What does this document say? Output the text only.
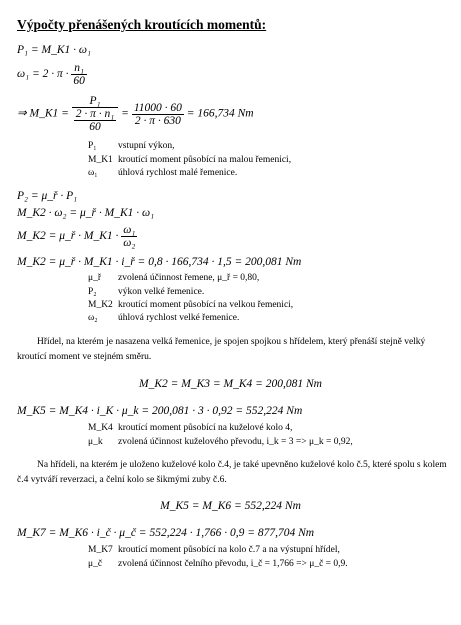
Výpočty přenášených kroutících momentů:
P₁ = M_K1 · ω₁
$\omega_1 = 2 \cdot \pi \cdot \frac{\text{n₁}}{60}$
⇒ M_K1 = P₁
2 · π · n₁
$60 = \frac{11000 \cdot 60}{2 \cdot \pi \cdot 630} = 166,734$ Nm
P₁	vstupní výkon,
M_K1 kroutící moment působící na malou řemenici,
ω₁	úhlová rychlost malé řemenice.
P₂ = μ_ř · P₁
M_K2 · ω₂ = μ_ř · M_K1 · ω₁
M_K2 = μ_ř · M_K1 · $\frac{\text{ω₁}}{\text{ω₂}}$
M_K2 = μ_ř · M_K1 · i_ř = 0,8 · 166,734 · 1,5 = 200,081 Nm
μ_ř	zvolená účinnost řemene, μ_ř = 0,80,
P₂	výkon velké řemenice.
M_K2 kroutící moment působící na velkou řemenici,
ω₂	úhlová rychlost velké řemenice.
Hřídel, na kterém je nasazena velká řemenice, je spojen spojkou s hřídelem, který přenáší stejně velký kroutící moment ve stejném směru.
M_K2 = M_K3 = M_K4 = 200,081 Nm
M_K5 = M_K4 · i_K · μ_k = 200,081 · 3 · 0,92 = 552,224 Nm
M_K4 kroutící moment působící na kuželové kolo 4,
μ_k	zvolená účinnost kuželového převodu, i_k = 3 => μ_k = 0,92,
Na hřídeli, na kterém je uloženo kuželové kolo č.4, je také upevněno kuželové kolo č.5, které spolu s kolem č.4 vytváří reverzaci, a čelní kolo se šikmými zuby č.6.
M_K5 = M_K6 = 552,224 Nm
M_K7 = M_K6 · i_č · μ_č = 552,224 · 1,766 · 0,9 = 877,704 Nm
M_K7 kroutící moment působící na kolo č.7 a na výstupní hřídel,
μ_č	zvolená účinnost čelního převodu, i_č = 1,766 => μ_č = 0,9.
